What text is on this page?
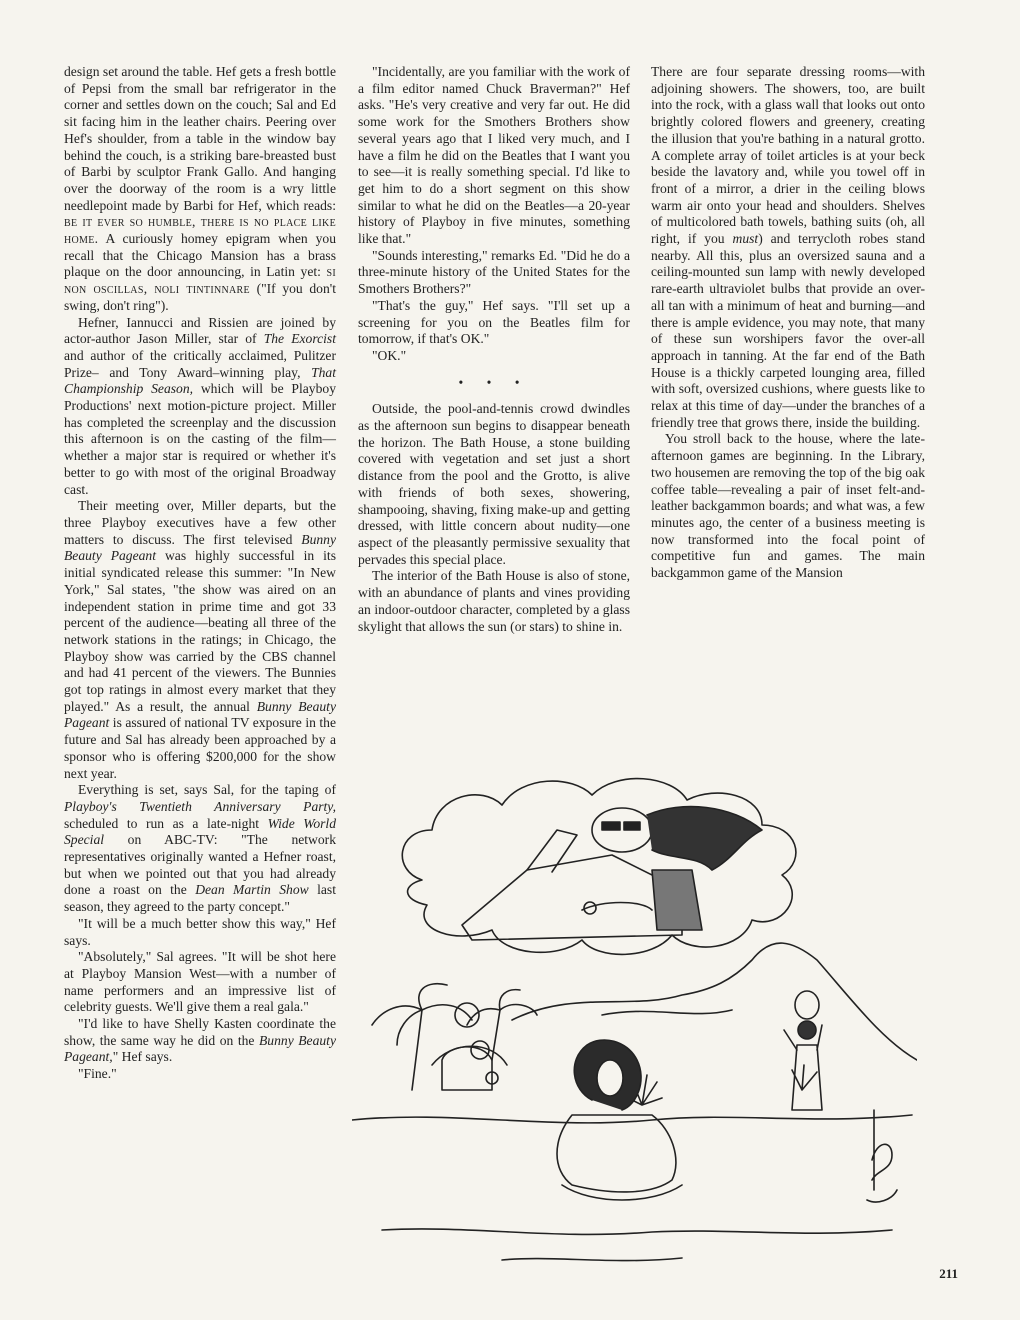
design set around the table. Hef gets a fresh bottle of Pepsi from the small bar refrigerator in the corner and settles down on the couch; Sal and Ed sit facing him in the leather chairs. Peering over Hef's shoulder, from a table in the window bay behind the couch, is a striking bare-breasted bust of Barbi by sculptor Frank Gallo. And hanging over the doorway of the room is a wry little needlepoint made by Barbi for Hef, which reads: be it ever so humble, there is no place like home. A curiously homey epigram when you recall that the Chicago Mansion has a brass plaque on the door announcing, in Latin yet: si non oscillas, noli tintinnare ("If you don't swing, don't ring").

Hefner, Iannucci and Rissien are joined by actor-author Jason Miller, star of The Exorcist and author of the critically acclaimed, Pulitzer Prize– and Tony Award–winning play, That Championship Season, which will be Playboy Productions' next motion-picture project. Miller has completed the screenplay and the discussion this afternoon is on the casting of the film—whether a major star is required or whether it's better to go with most of the original Broadway cast.

Their meeting over, Miller departs, but the three Playboy executives have a few other matters to discuss. The first televised Bunny Beauty Pageant was highly successful in its initial syndicated release this summer: "In New York," Sal states, "the show was aired on an independent station in prime time and got 33 percent of the audience—beating all three of the network stations in the ratings; in Chicago, the Playboy show was carried by the CBS channel and had 41 percent of the viewers. The Bunnies got top ratings in almost every market that they played." As a result, the annual Bunny Beauty Pageant is assured of national TV exposure in the future and Sal has already been approached by a sponsor who is offering $200,000 for the show next year.

Everything is set, says Sal, for the taping of Playboy's Twentieth Anniversary Party, scheduled to run as a late-night Wide World Special on ABC-TV: "The network representatives originally wanted a Hefner roast, but when we pointed out that you had already done a roast on the Dean Martin Show last season, they agreed to the party concept."

"It will be a much better show this way," Hef says.

"Absolutely," Sal agrees. "It will be shot here at Playboy Mansion West—with a number of name performers and an impressive list of celebrity guests. We'll give them a real gala."

"I'd like to have Shelly Kasten coordinate the show, the same way he did on the Bunny Beauty Pageant," Hef says.

"Fine."

"Incidentally, are you familiar with the work of a film editor named Chuck Braverman?" Hef asks. "He's very creative and very far out. He did some work for the Smothers Brothers show several years ago that I liked very much, and I have a film he did on the Beatles that I want you to see—it is really something special. I'd like to get him to do a short segment on this show similar to what he did on the Beatles—a 20-year history of Playboy in five minutes, something like that."

"Sounds interesting," remarks Ed. "Did he do a three-minute history of the United States for the Smothers Brothers?"

"That's the guy," Hef says. "I'll set up a screening for you on the Beatles film for tomorrow, if that's OK."

"OK."

• • •

Outside, the pool-and-tennis crowd dwindles as the afternoon sun begins to disappear beneath the horizon. The Bath House, a stone building covered with vegetation and set just a short distance from the pool and the Grotto, is alive with friends of both sexes, showering, shampooing, shaving, fixing make-up and getting dressed, with little concern about nudity—one aspect of the pleasantly permissive sexuality that pervades this special place.

The interior of the Bath House is also of stone, with an abundance of plants and vines providing an indoor-outdoor character, completed by a glass skylight that allows the sun (or stars) to shine in.

There are four separate dressing rooms—with adjoining showers. The showers, too, are built into the rock, with a glass wall that looks out onto brightly colored flowers and greenery, creating the illusion that you're bathing in a natural grotto. A complete array of toilet articles is at your beck beside the lavatory and, while you towel off in front of a mirror, a drier in the ceiling blows warm air onto your head and shoulders. Shelves of multicolored bath towels, bathing suits (oh, all right, if you must) and terrycloth robes stand nearby. All this, plus an oversized sauna and a ceiling-mounted sun lamp with newly developed rare-earth ultraviolet bulbs that provide an over-all tan with a minimum of heat and burning—and there is ample evidence, you may note, that many of these sun worshipers favor the over-all approach in tanning. At the far end of the Bath House is a thickly carpeted lounging area, filled with soft, oversized cushions, where guests like to relax at this time of day—under the branches of a friendly tree that grows there, inside the building.

You stroll back to the house, where the late-afternoon games are beginning. In the Library, two housemen are removing the top of the big oak coffee table—revealing a pair of inset felt-and-leather backgammon boards; and what was, a few minutes ago, the center of a business meeting is now transformed into the focal point of competitive fun and games. The main backgammon game of the Mansion

211
